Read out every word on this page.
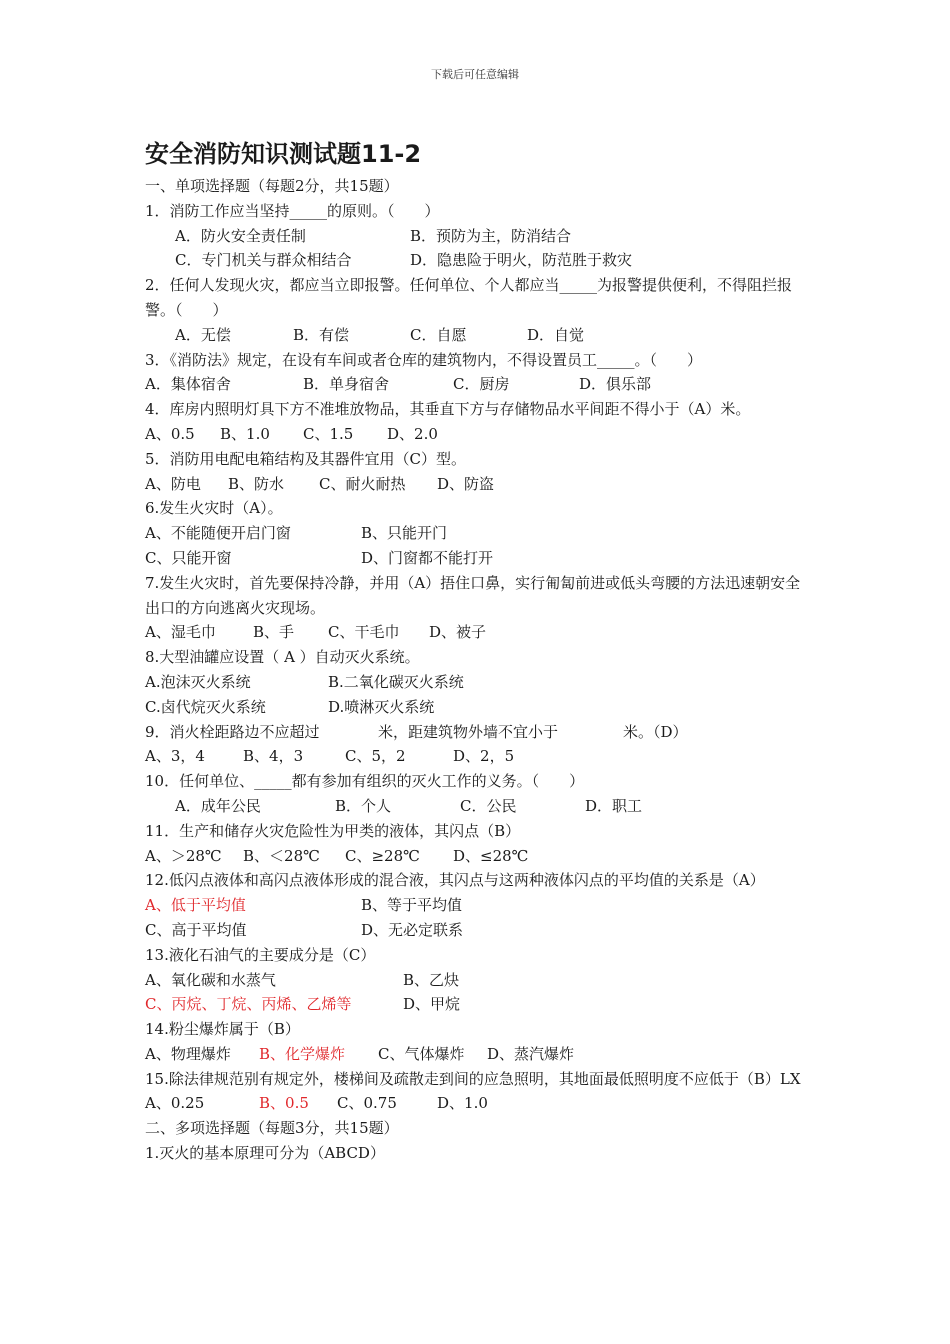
下载后可任意编辑
安全消防知识测试题11-2
一、单项选择题（每题2分，共15题）
1．消防工作应当坚持_____的原则。（　　）
A．防火安全责任制	B．预防为主，防消结合
C．专门机关与群众相结合	D．隐患险于明火，防范胜于救灾
2．任何人发现火灾，都应当立即报警。任何单位、个人都应当_____为报警提供便利，不得阻拦报警。（　　）
A．无偿	B．有偿	C．自愿	D．自觉
3．《消防法》规定，在设有车间或者仓库的建筑物内，不得设置员工_____。（　　）
A．集体宿舍	B．单身宿舍	C．厨房	D．俱乐部
4．库房内照明灯具下方不准堆放物品，其垂直下方与存储物品水平间距不得小于（A）米。
A、0.5 B、1.0 C、1.5 D、2.0
5．消防用电配电箱结构及其器件宜用（C）型。
A、防电 B、防水 C、耐火耐热 D、防盗
6.发生火灾时（A）。
A、不能随便开启门窗	B、只能开门
C、只能开窗	D、门窗都不能打开
7.发生火灾时，首先要保持冷静，并用（A）捂住口鼻，实行匍匐前进或低头弯腰的方法迅速朝安全出口的方向逃离火灾现场。
A、湿毛巾 B、手 C、干毛巾 D、被子
8.大型油罐应设置（ A ）自动灭火系统。
A.泡沫灭火系统	B.二氧化碳灭火系统
C.卤代烷灭火系统	D.喷淋灭火系统
9．消火栓距路边不应超过	米，距建筑物外墙不宜小于	米。（D）
A、3，4	B、4，3	C、5，2	D、2，5
10．任何单位、_____都有参加有组织的灭火工作的义务。（　　）
A．成年公民	B．个人	C．公民	D．职工
11．生产和储存火灾危险性为甲类的液体，其闪点（B）
A、＞28℃ B、＜28℃ C、≥28℃ D、≤28℃
12.低闪点液体和高闪点液体形成的混合液，其闪点与这两种液体闪点的平均值的关系是（A）
A、低于平均值	B、等于平均值
C、高于平均值	D、无必定联系
13.液化石油气的主要成分是（C）
A、氧化碳和水蒸气	B、乙炔
C、丙烷、丁烷、丙烯、乙烯等	D、甲烷
14.粉尘爆炸属于（B）
A、物理爆炸 B、化学爆炸 C、气体爆炸 D、蒸汽爆炸
15.除法律规范别有规定外，楼梯间及疏散走到间的应急照明，其地面最低照明度不应低于（B）LX
A、0.25	B、0.5 C、0.75	D、1.0
二、多项选择题（每题3分，共15题）
1.灭火的基本原理可分为（ABCD）
